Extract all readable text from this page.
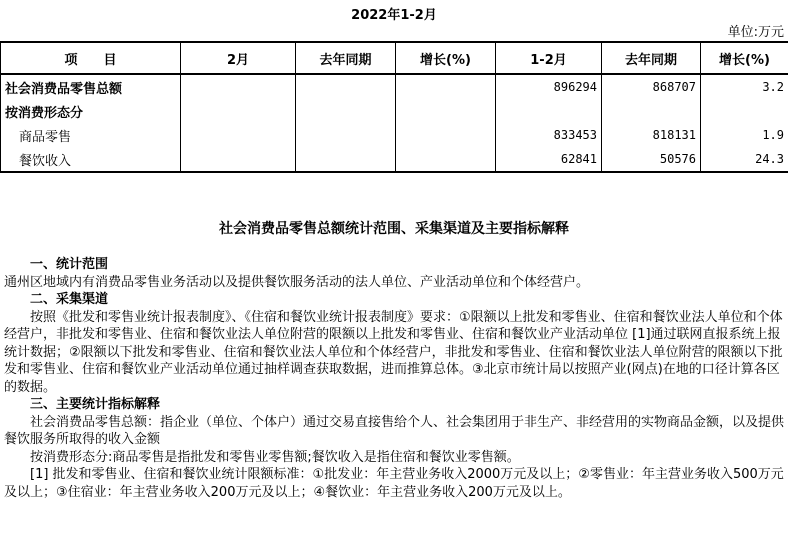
2022年1-2月
单位:万元
项　　目	2月	去年同期	增长(%)	1-2月	去年同期	增长(%)
社会消费品零售总额				896294	868707	3.2
按消费形态分						
商品零售				833453	818131	1.9
餐饮收入				62841	50576	24.3
社会消费品零售总额统计范围、采集渠道及主要指标解释

一、统计范围

通州区地域内有消费品零售业务活动以及提供餐饮服务活动的法人单位、产业活动单位和个体经营户。

二、采集渠道

按照《批发和零售业统计报表制度》、《住宿和餐饮业统计报表制度》要求：①限额以上批发和零售业、住宿和餐饮业法人单位和个体经营户，非批发和零售业、住宿和餐饮业法人单位附营的限额以上批发和零售业、住宿和餐饮业产业活动单位 [1]通过联网直报系统上报统计数据；②限额以下批发和零售业、住宿和餐饮业法人单位和个体经营户，非批发和零售业、住宿和餐饮业法人单位附营的限额以下批发和零售业、住宿和餐饮业产业活动单位通过抽样调查获取数据，进而推算总体。③北京市统计局以按照产业(网点)在地的口径计算各区的数据。

三、主要统计指标解释

社会消费品零售总额：指企业（单位、个体户）通过交易直接售给个人、社会集团用于非生产、非经营用的实物商品金额，以及提供餐饮服务所取得的收入金额

按消费形态分:商品零售是指批发和零售业零售额;餐饮收入是指住宿和餐饮业零售额。

[1] 批发和零售业、住宿和餐饮业统计限额标准：①批发业：年主营业务收入2000万元及以上；②零售业：年主营业务收入500万元及以上；③住宿业：年主营业务收入200万元及以上；④餐饮业：年主营业务收入200万元及以上。
